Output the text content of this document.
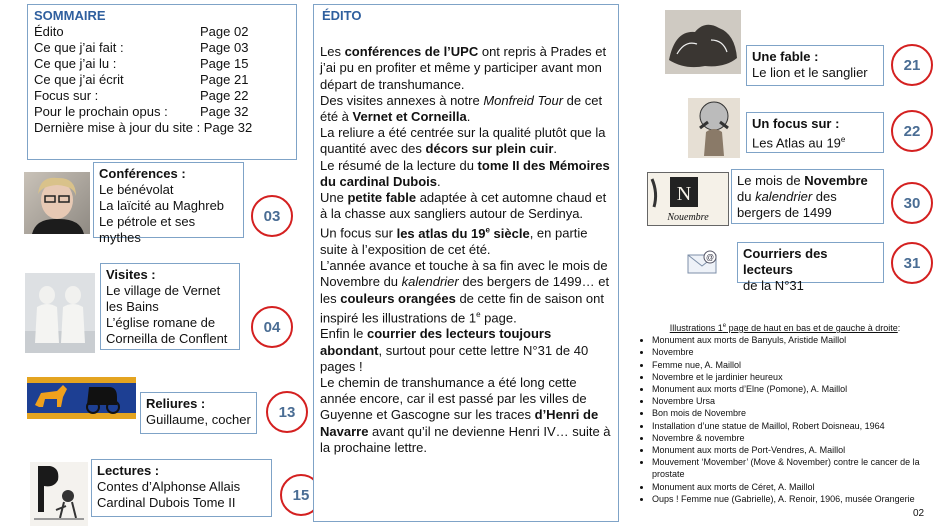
SOMMAIRE
Édito	Page 02
Ce que j’ai fait :	Page 03
Ce que j’ai lu :	Page 15
Ce que j’ai écrit	Page 21
Focus sur :	Page 22
Pour le prochain opus :	Page 32
Dernière mise à jour du site : Page 32
Conférences :
Le bénévolat
La laïcité au Maghreb
Le pétrole et ses mythes
03
Visites :
Le village de Vernet
les Bains
L’église romane de
Corneilla de Conflent
04
Reliures :
Guillaume, cocher	13
Lectures :
Contes d’Alphonse Allais
Cardinal Dubois Tome II	15
ÉDITO

Les conférences de l’UPC ont repris à Prades et j’ai pu en profiter et même y participer avant mon départ de transhumance.

Des visites annexes à notre Monfreid Tour de cet été à Vernet et Corneilla.

La reliure a été centrée sur la qualité plutôt que la quantité avec des décors sur plein cuir.

Le résumé de la lecture du tome II des Mémoires du cardinal Dubois.

Une petite fable adaptée à cet automne chaud et à la chasse aux sangliers autour de Serdinya.

Un focus sur les atlas du 19e siècle, en partie suite à l’exposition de cet été.

L’année avance et touche à sa fin avec le mois de Novembre du kalendrier des bergers de 1499… et les couleurs orangées de cette fin de saison ont inspiré les illustrations de 1e page.

Enfin le courrier des lecteurs toujours abondant, surtout pour cette lettre N°31 de 40 pages !

Le chemin de transhumance a été long cette année encore, car il est passé par les villes de Guyenne et Gascogne sur les traces d’Henri de Navarre avant qu’il ne devienne Henri IV… suite à la prochaine lettre.

N
Nouembre
@
Une fable :
Le lion et le sanglier	21
Un focus sur :
Les Atlas au 19e	22
Le mois de Novembre
du kalendrier des
bergers de 1499
30
Courriers des lecteurs
de la N°31
31
Illustrations 1e page de haut en bas et de gauche à droite:
• Monument aux morts de Banyuls, Aristide Maillol
• Novembre
• Femme nue, A. Maillol
• Novembre et le jardinier heureux
• Monument aux morts d’Elne (Pomone), A. Maillol
• Novembre Ursa
• Bon mois de Novembre
• Installation d’une statue de Maillol, Robert Doisneau, 1964
• Novembre & novembre
• Monument aux morts de Port-Vendres, A. Maillol
• Mouvement ‘Movember’ (Move & November) contre le cancer de la prostate
• Monument aux morts de Céret, A. Maillol
• Oups ! Femme nue (Gabrielle), A. Renoir, 1906, musée Orangerie
02
